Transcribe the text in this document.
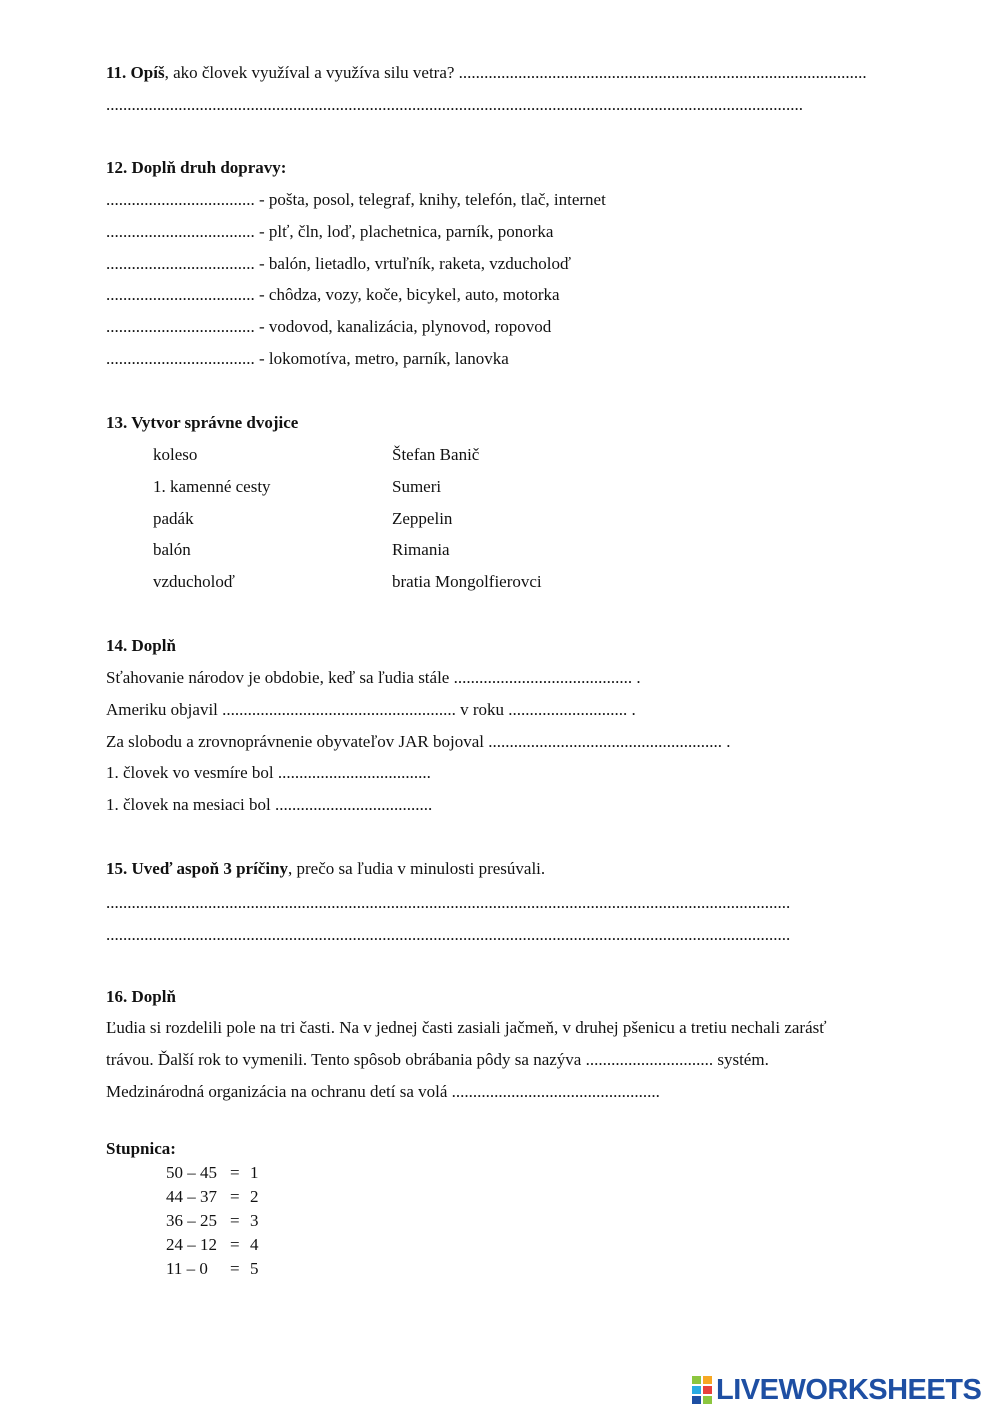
11. Opíš, ako človek využíval a využíva silu vetra? ................................................................................................
....................................................................................................................................................................
12. Doplň druh dopravy:
................................... - pošta, posol, telegraf, knihy, telefón, tlač, internet
................................... - plť, čln, loď, plachetnica, parník, ponorka
................................... - balón, lietadlo, vrtuľník, raketa, vzducholoď
................................... - chôdza, vozy, koče, bicykel, auto, motorka
................................... - vodovod, kanalizácia, plynovod, ropovod
................................... - lokomotíva, metro, parník, lanovka
13. Vytvor správne dvojice
koleso	Štefan Banič
1. kamenné cesty	Sumeri
padák	Zeppelin
balón	Rimania
vzducholoď	bratia Mongolfierovci
14. Doplň
Sťahovanie národov je obdobie, keď sa ľudia stále .......................................... .
Ameriku objavil ....................................................... v roku ............................ .
Za slobodu a zrovnoprávnenie obyvateľov JAR bojoval ....................................................... .
1. človek vo vesmíre bol ....................................
1. človek na mesiaci bol .....................................
15. Uveď aspoň 3 príčiny, prečo sa ľudia v minulosti presúvali.
.................................................................................................................................................................
.................................................................................................................................................................
16. Doplň
Ľudia si rozdelili pole na tri časti. Na v jednej časti zasiali jačmeň, v druhej pšenicu a tretiu nechali zarásť
trávou. Ďalší rok to vymenili. Tento spôsob obrábania pôdy sa nazýva .............................. systém.
Medzinárodná organizácia na ochranu detí sa volá .................................................
Stupnica:
50 – 45 = 1
44 – 37 = 2
36 – 25 = 3
24 – 12 = 4
11 – 0 = 5
LIVEWORKSHEETS
